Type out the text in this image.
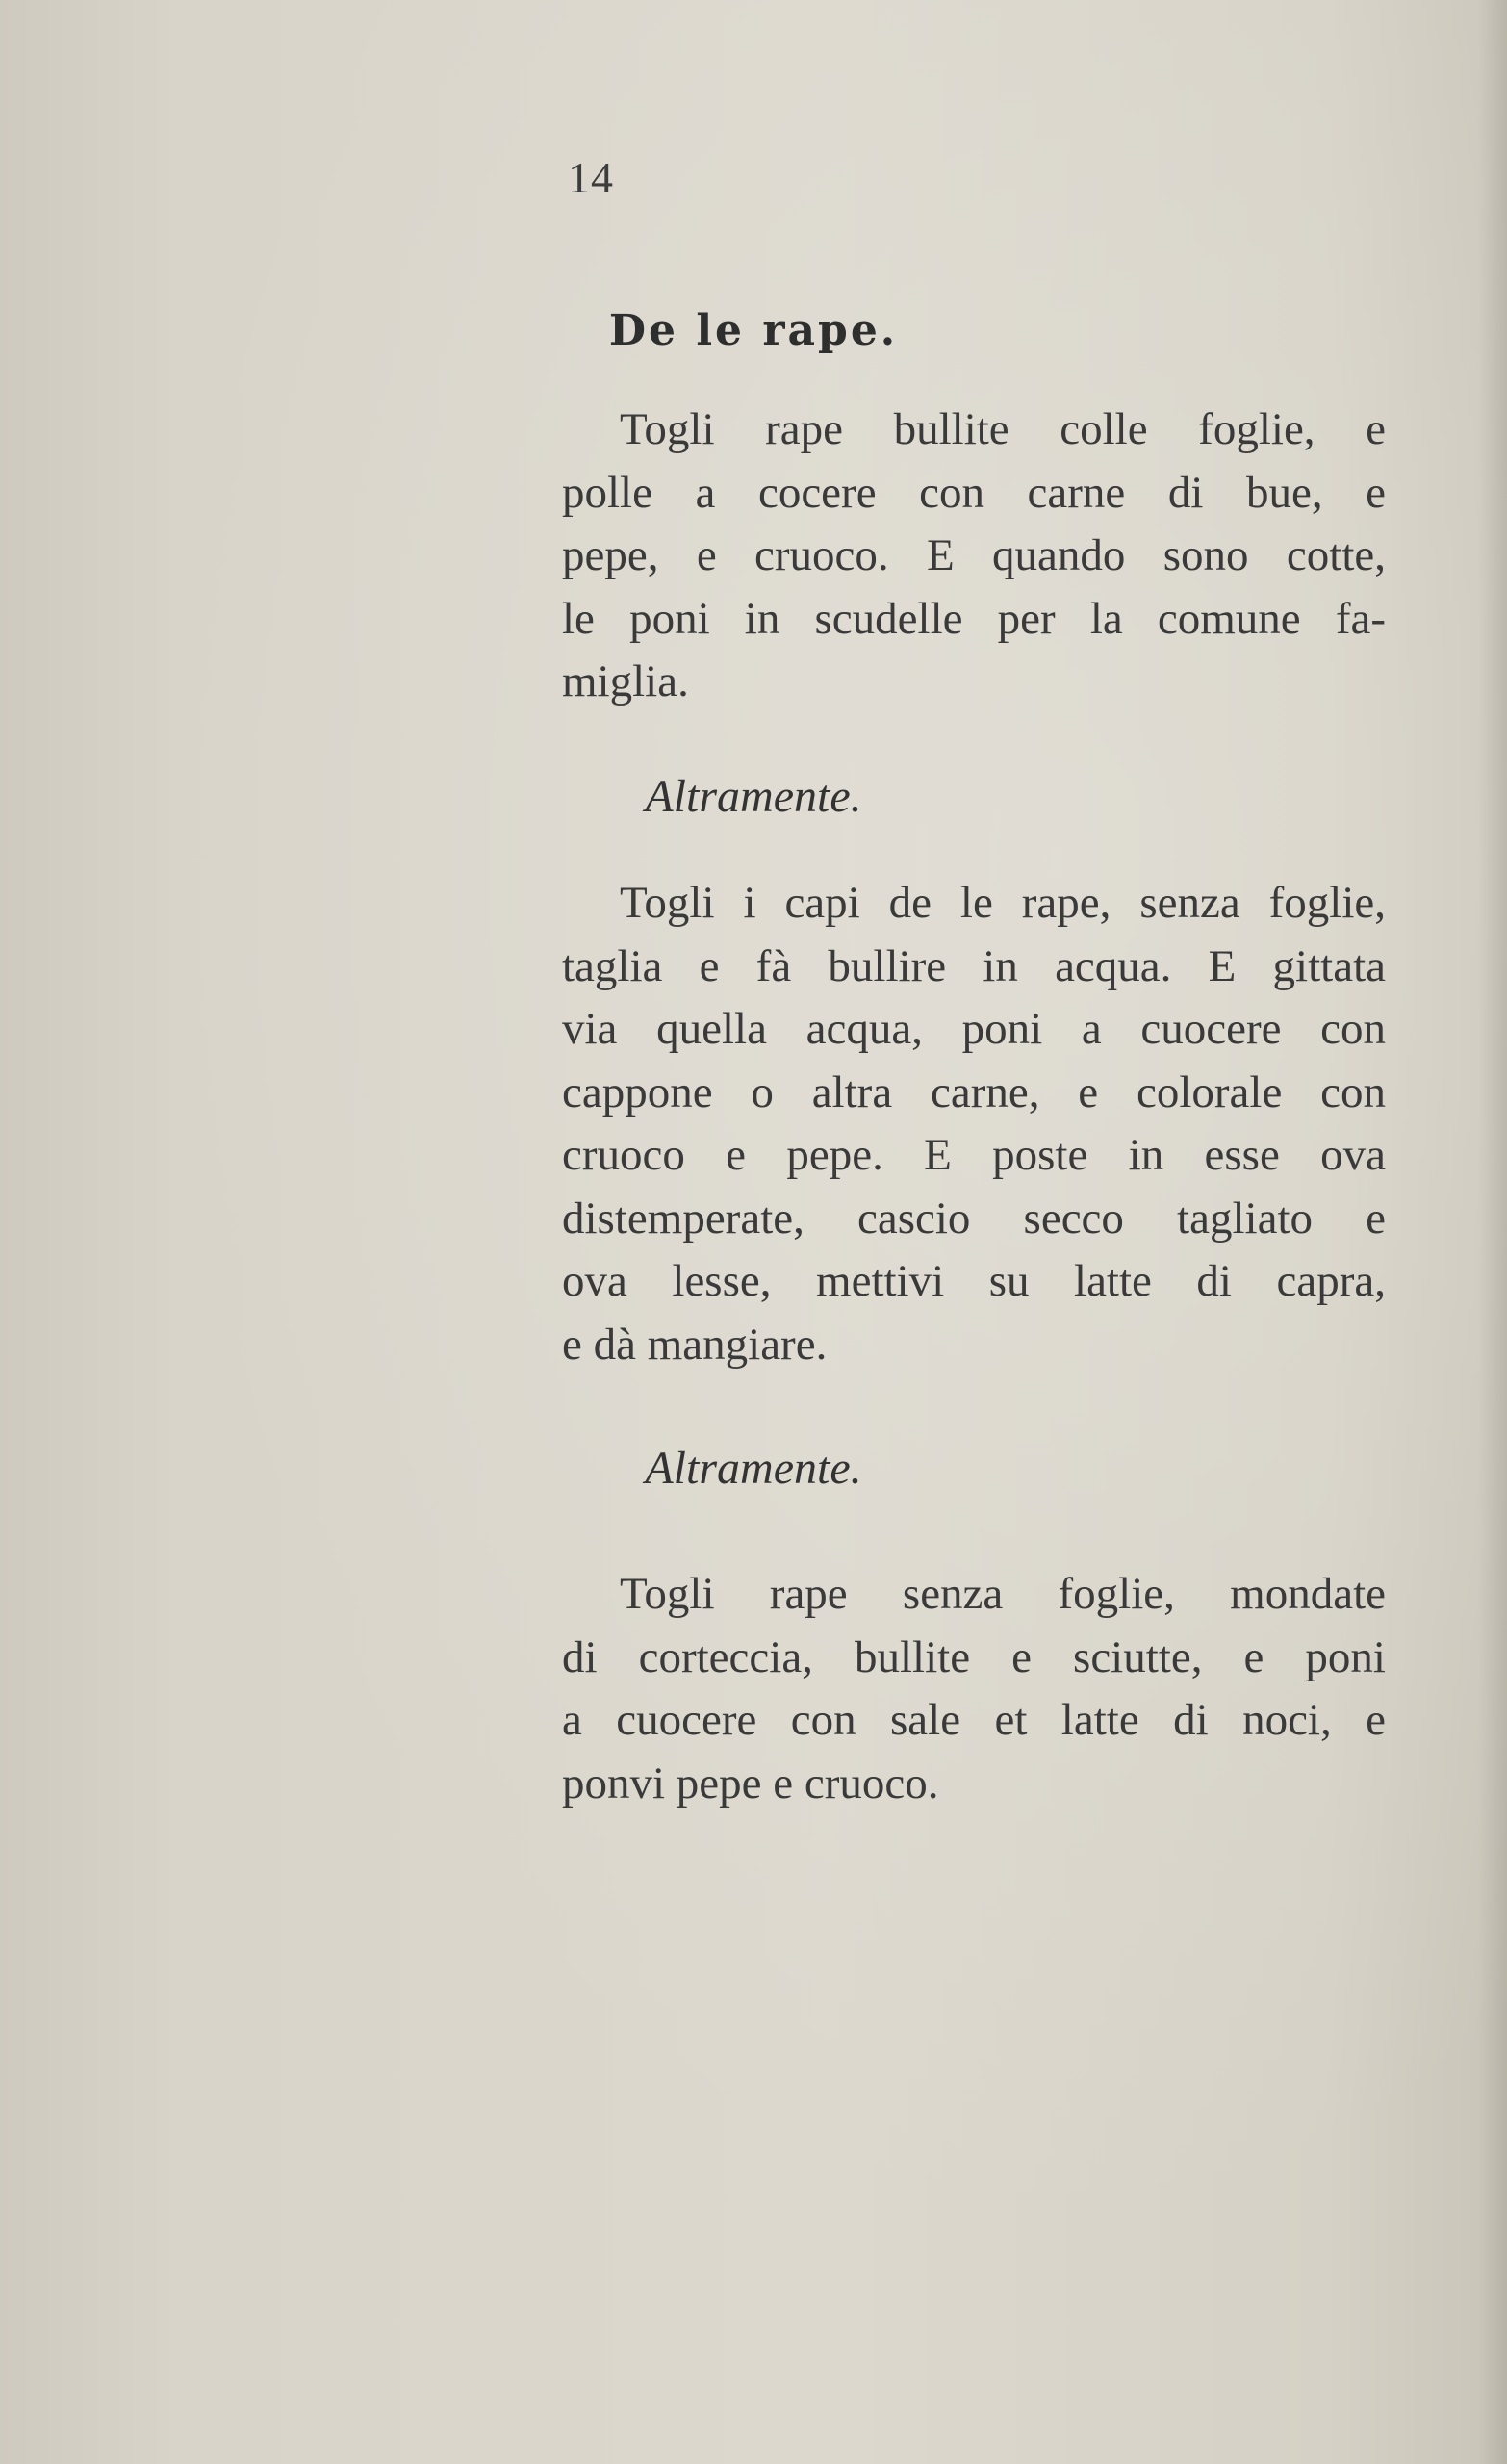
14
De le rape.

Togli rape bullite colle foglie, e
polle a cocere con carne di bue, e
pepe, e cruoco. E quando sono cotte,
le poni in scudelle per la comune fa-
miglia.

Altramente.

Togli i capi de le rape, senza foglie,
taglia e fà bullire in acqua. E gittata
via quella acqua, poni a cuocere con
cappone o altra carne, e colorale con
cruoco e pepe. E poste in esse ova
distemperate, cascio secco tagliato e
ova lesse, mettivi su latte di capra,
e dà mangiare.

Altramente.

Togli rape senza foglie, mondate
di corteccia, bullite e sciutte, e poni
a cuocere con sale et latte di noci, e
ponvi pepe e cruoco.
